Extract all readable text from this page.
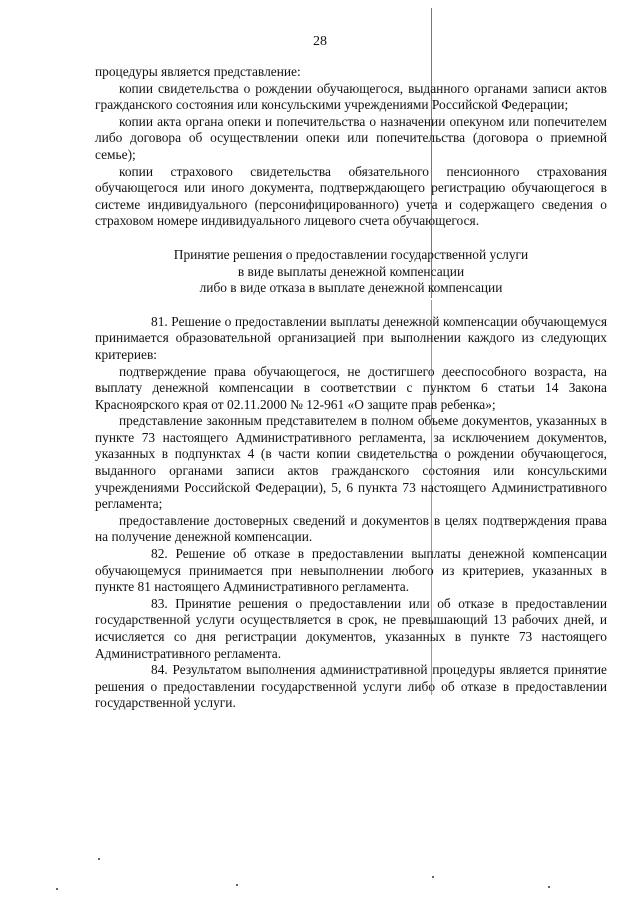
28

процедуры является представление:

копии свидетельства о рождении обучающегося, выданного органами записи актов гражданского состояния или консульскими учреждениями Российской Федерации;

копии акта органа опеки и попечительства о назначении опекуном или попечителем либо договора об осуществлении опеки или попечительства (договора о приемной семье);

копии страхового свидетельства обязательного пенсионного страхования обучающегося или иного документа, подтверждающего регистрацию обучающегося в системе индивидуального (персонифицированного) учета и содержащего сведения о страховом номере индивидуального лицевого счета обучающегося.

Принятие решения о предоставлении государственной услуги
в виде выплаты денежной компенсации
либо в виде отказа в выплате денежной компенсации

81. Решение о предоставлении выплаты денежной компенсации обучающемуся принимается образовательной организацией при выполнении каждого из следующих критериев:

подтверждение права обучающегося, не достигшего дееспособного возраста, на выплату денежной компенсации в соответствии с пунктом 6 статьи 14 Закона Красноярского края от 02.11.2000 № 12-961 «О защите прав ребенка»;

представление законным представителем в полном объеме документов, указанных в пункте 73 настоящего Административного регламента, за исключением документов, указанных в подпунктах 4 (в части копии свидетельства о рождении обучающегося, выданного органами записи актов гражданского состояния или консульскими учреждениями Российской Федерации), 5, 6 пункта 73 настоящего Административного регламента;

предоставление достоверных сведений и документов в целях подтверждения права на получение денежной компенсации.

82. Решение об отказе в предоставлении выплаты денежной компенсации обучающемуся принимается при невыполнении любого из критериев, указанных в пункте 81 настоящего Административного регламента.

83. Принятие решения о предоставлении или об отказе в предоставлении государственной услуги осуществляется в срок, не превышающий 13 рабочих дней, и исчисляется со дня регистрации документов, указанных в пункте 73 настоящего Административного регламента.

84. Результатом выполнения административной процедуры является принятие решения о предоставлении государственной услуги либо об отказе в предоставлении государственной услуги.
